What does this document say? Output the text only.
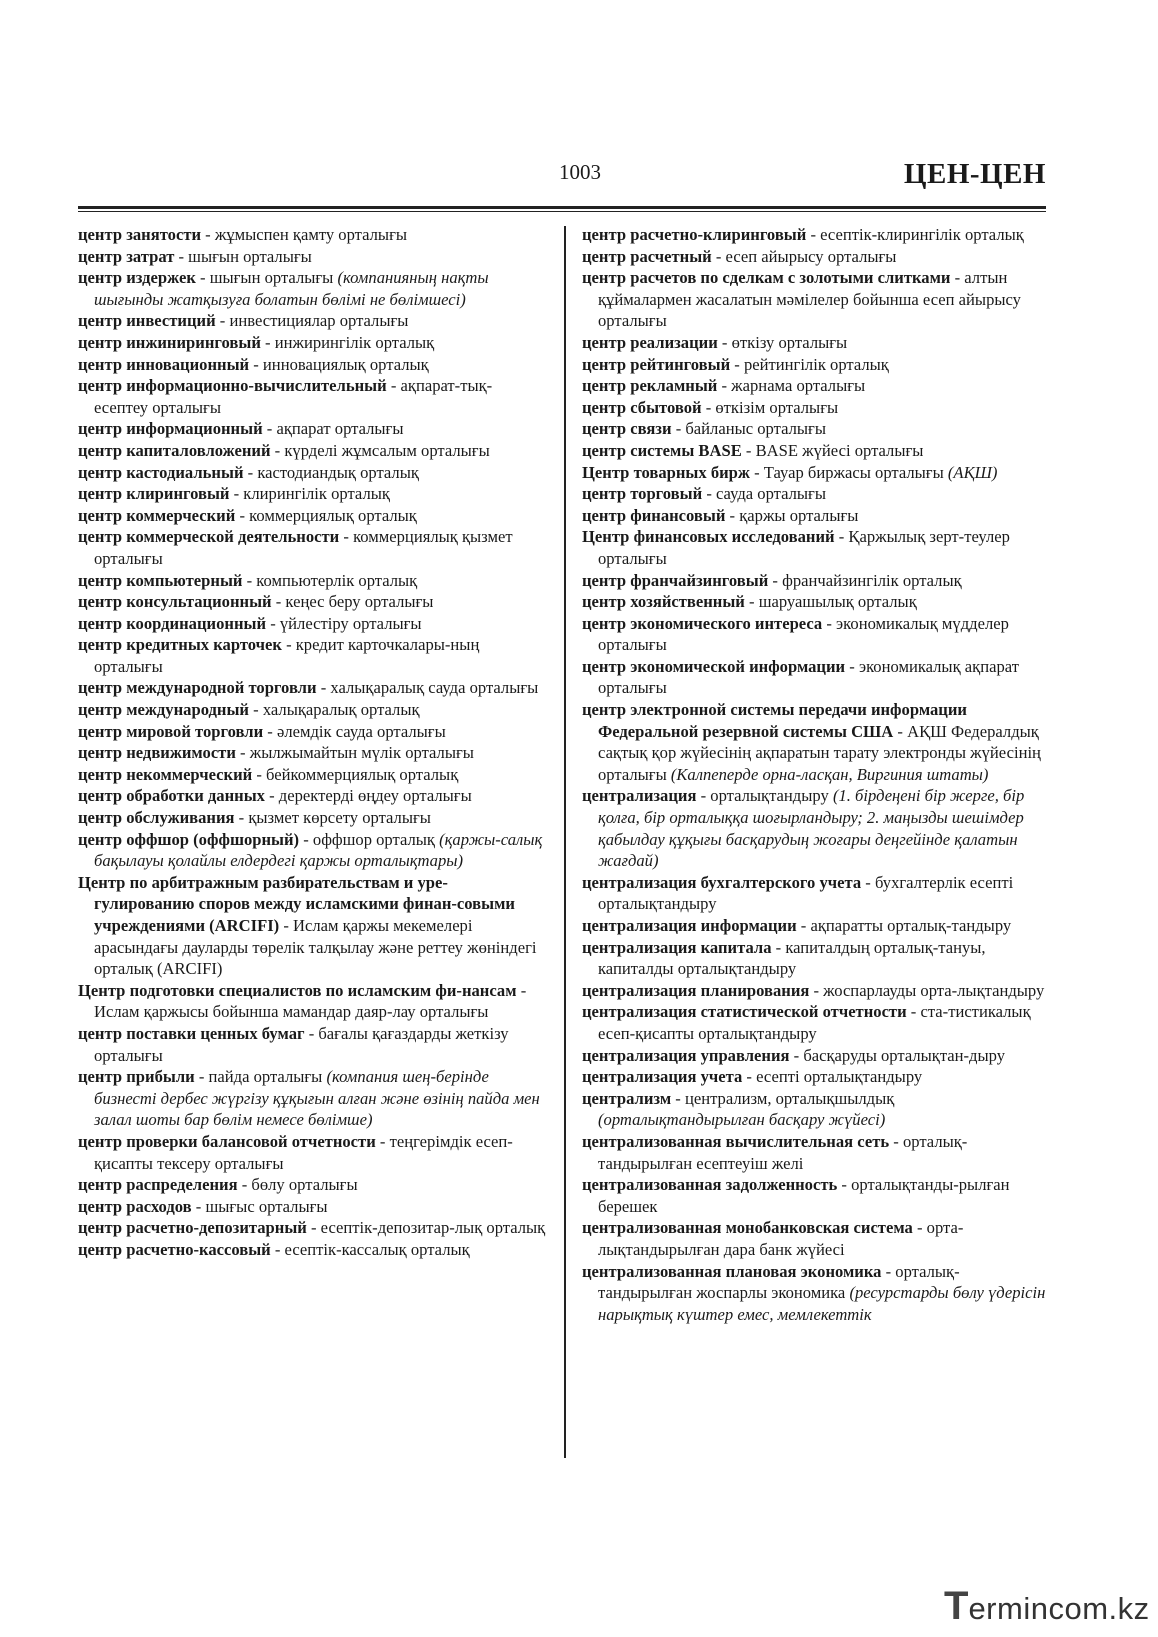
1003	ЦЕН-ЦЕН
центр занятости - жұмыспен қамту орталығы
центр затрат - шығын орталығы
центр издержек - шығын орталығы (компанияның нақты шығынды жатқызуға болатын бөлімі не бөлімшесі)
центр инвестиций - инвестициялар орталығы
центр инжиниринговый - инжирингілік орталық
центр инновационный - инновациялық орталық
центр информационно-вычислительный - ақпарат-тық-есептеу орталығы
центр информационный - ақпарат орталығы
центр капиталовложений - күрделі жұмсалым орталығы
центр кастодиальный - кастодиандық орталық
центр клиринговый - клирингілік орталық
центр коммерческий - коммерциялық орталық
центр коммерческой деятельности - коммерциялық қызмет орталығы
центр компьютерный - компьютерлік орталық
центр консультационный - кеңес беру орталығы
центр координационный - үйлестіру орталығы
центр кредитных карточек - кредит карточкалары-ның орталығы
центр международной торговли - халықаралық сауда орталығы
центр международный - халықаралық орталық
центр мировой торговли - әлемдік сауда орталығы
центр недвижимости - жылжымайтын мүлік орталығы
центр некоммерческий - бейкоммерциялық орталық
центр обработки данных - деректерді өңдеу орталығы
центр обслуживания - қызмет көрсету орталығы
центр оффшор (оффшорный) - оффшор орталық (қаржы-салық бақылауы қолайлы елдердегі қаржы орталықтары)
Центр по арбитражным разбирательствам и уре-гулированию споров между исламскими финан-совыми учреждениями (ARCIFI) - Ислам қаржы мекемелері арасындағы дауларды төрелік талқылау және реттеу жөніндегі орталық (ARCIFI)
Центр подготовки специалистов по исламским фи-нансам - Ислам қаржысы бойынша мамандар даяр-лау орталығы
центр поставки ценных бумаг - бағалы қағаздарды жеткізу орталығы
центр прибыли - пайда орталығы (компания шең-берінде бизнесті дербес жүргізу құқығын алған және өзінің пайда мен залал шоты бар бөлім немесе бөлімше)
центр проверки балансовой отчетности - теңгерімдік есеп-қисапты тексеру орталығы
центр распределения - бөлу орталығы
центр расходов - шығыс орталығы
центр расчетно-депозитарный - есептік-депозитар-лық орталық
центр расчетно-кассовый - есептік-кассалық орталық
центр расчетно-клиринговый - есептік-клирингілік орталық
центр расчетный - есеп айырысу орталығы
центр расчетов по сделкам с золотыми слитками - алтын құймалармен жасалатын мәмілелер бойынша есеп айырысу орталығы
центр реализации - өткізу орталығы
центр рейтинговый - рейтингілік орталық
центр рекламный - жарнама орталығы
центр сбытовой - өткізім орталығы
центр связи - байланыс орталығы
центр системы BASE - BASE жүйесі орталығы
Центр товарных бирж - Тауар биржасы орталығы (АҚШ)
центр торговый - сауда орталығы
центр финансовый - қаржы орталығы
Центр финансовых исследований - Қаржылық зерт-теулер орталығы
центр франчайзинговый - франчайзингілік орталық
центр хозяйственный - шаруашылық орталық
центр экономического интереса - экономикалық мүдделер орталығы
центр экономической информации - экономикалық ақпарат орталығы
центр электронной системы передачи информации Федеральной резервной системы США - АҚШ Федералдық сақтық қор жүйесінің ақпаратын тарату электронды жүйесінің орталығы (Калпеперде орна-ласқан, Виргиния штаты)
централизация - орталықтандыру (1. бірдеңені бір жерге, бір қолға, бір орталыққа шоғырландыру; 2. маңызды шешімдер қабылдау құқығы басқарудың жоғары деңгейінде қалатын жағдай)
централизация бухгалтерского учета - бухгалтерлік есепті орталықтандыру
централизация информации - ақпаратты орталық-тандыру
централизация капитала - капиталдың орталық-тануы, капиталды орталықтандыру
централизация планирования - жоспарлауды орта-лықтандыру
централизация статистической отчетности - ста-тистикалық есеп-қисапты орталықтандыру
централизация управления - басқаруды орталықтан-дыру
централизация учета - есепті орталықтандыру
централизм - централизм, орталықшылдық (орталықтандырылған басқару жүйесі)
централизованная вычислительная сеть - орталық-тандырылған есептеуіш желі
централизованная задолженность - орталықтанды-рылған берешек
централизованная монобанковская система - орта-лықтандырылған дара банк жүйесі
централизованная плановая экономика - орталық-тандырылған жоспарлы экономика (ресурстарды бөлу үдерісін нарықтық күштер емес, мемлекеттік
Termincom.kz
